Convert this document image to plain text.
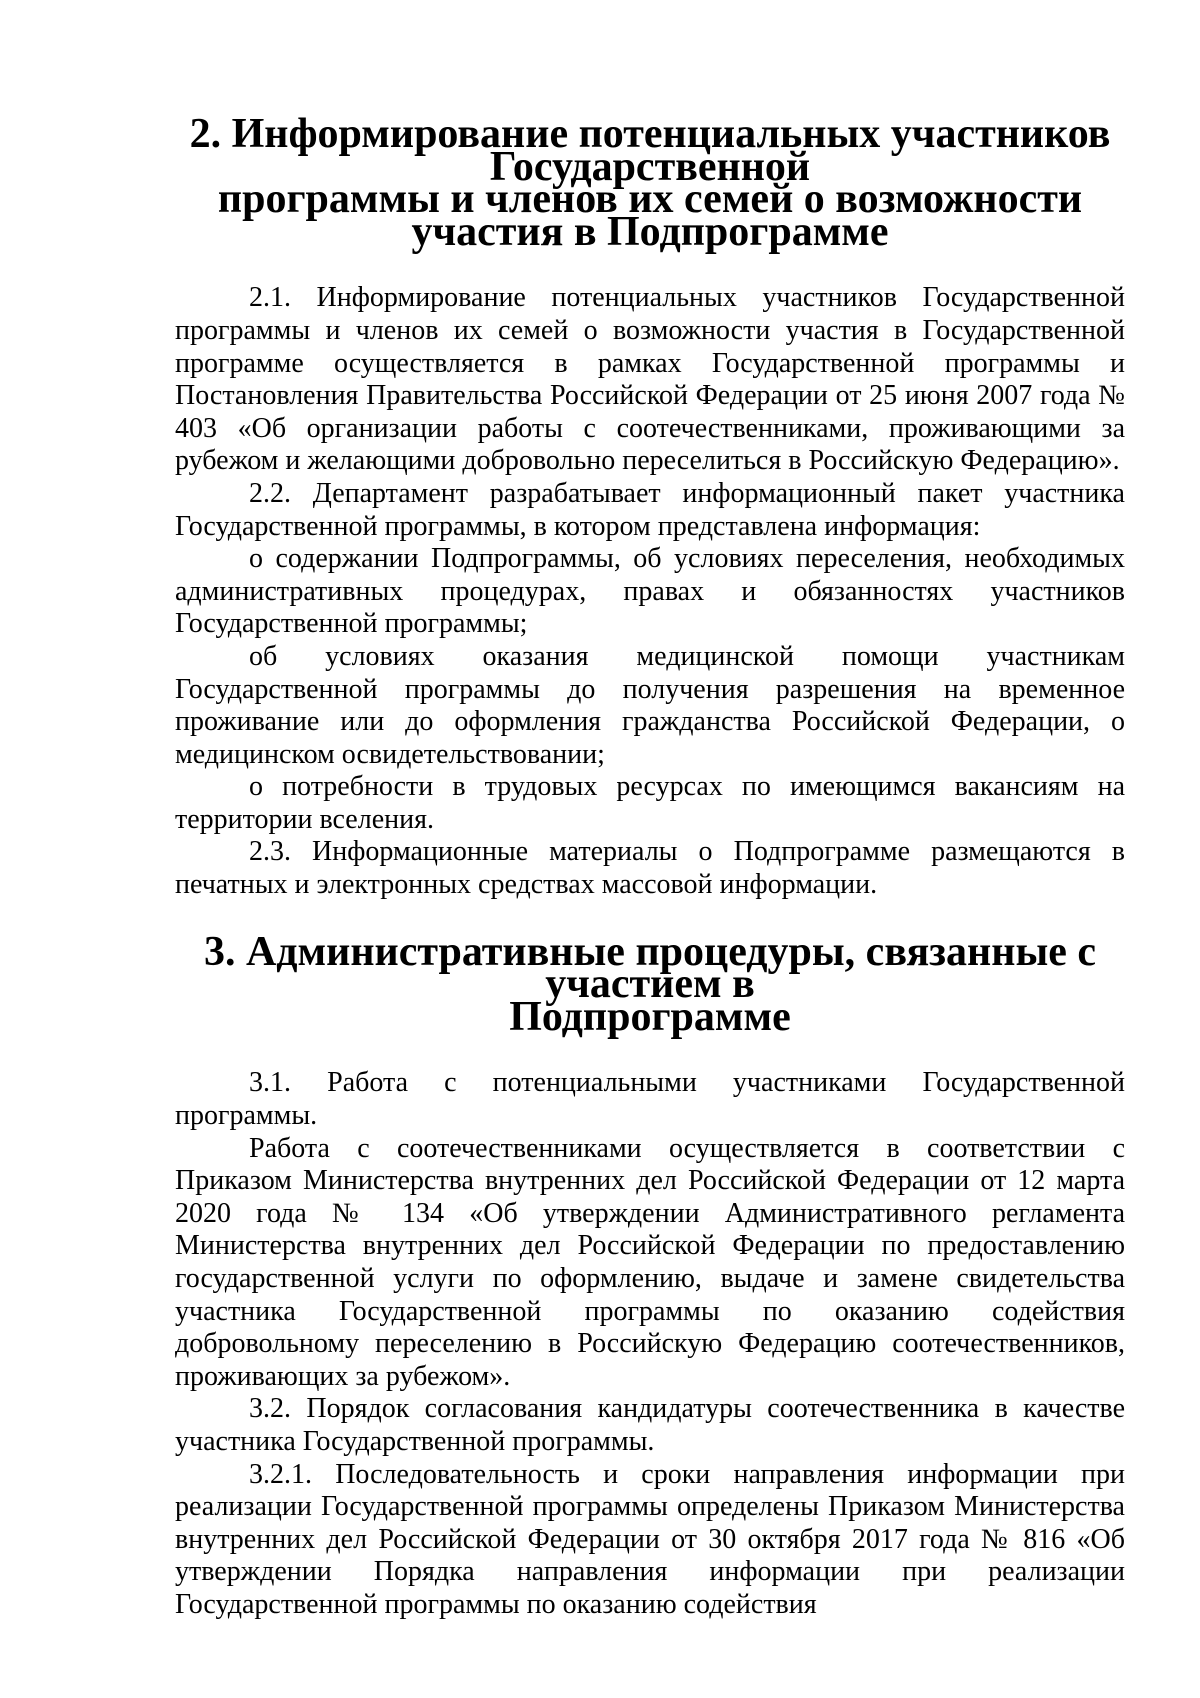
2. Информирование потенциальных участников Государственной
программы и членов их семей о возможности участия в Подпрограмме

2.1. Информирование потенциальных участников Государственной программы и членов их семей о возможности участия в Государственной программе осуществляется в рамках Государственной программы и Постановления Правительства Российской Федерации от 25 июня 2007 года № 403 «Об организации работы с соотечественниками, проживающими за рубежом и желающими добровольно переселиться в Российскую Федерацию».

2.2. Департамент разрабатывает информационный пакет участника Государственной программы, в котором представлена информация:

о содержании Подпрограммы, об условиях переселения, необходимых административных процедурах, правах и обязанностях участников Государственной программы;

об условиях оказания медицинской помощи участникам Государственной программы до получения разрешения на временное проживание или до оформления гражданства Российской Федерации, о медицинском освидетельствовании;

о потребности в трудовых ресурсах по имеющимся вакансиям на территории вселения.

2.3. Информационные материалы о Подпрограмме размещаются в печатных и электронных средствах массовой информации.

3. Административные процедуры, связанные с участием в
Подпрограмме

3.1. Работа с потенциальными участниками Государственной программы.

Работа с соотечественниками осуществляется в соответствии с Приказом Министерства внутренних дел Российской Федерации от 12 марта 2020 года № 134 «Об утверждении Административного регламента Министерства внутренних дел Российской Федерации по предоставлению государственной услуги по оформлению, выдаче и замене свидетельства участника Государственной программы по оказанию содействия добровольному переселению в Российскую Федерацию соотечественников, проживающих за рубежом».

3.2. Порядок согласования кандидатуры соотечественника в качестве участника Государственной программы.

3.2.1. Последовательность и сроки направления информации при реализации Государственной программы определены Приказом Министерства внутренних дел Российской Федерации от 30 октября 2017 года № 816 «Об утверждении Порядка направления информации при реализации Государственной программы по оказанию содействия
